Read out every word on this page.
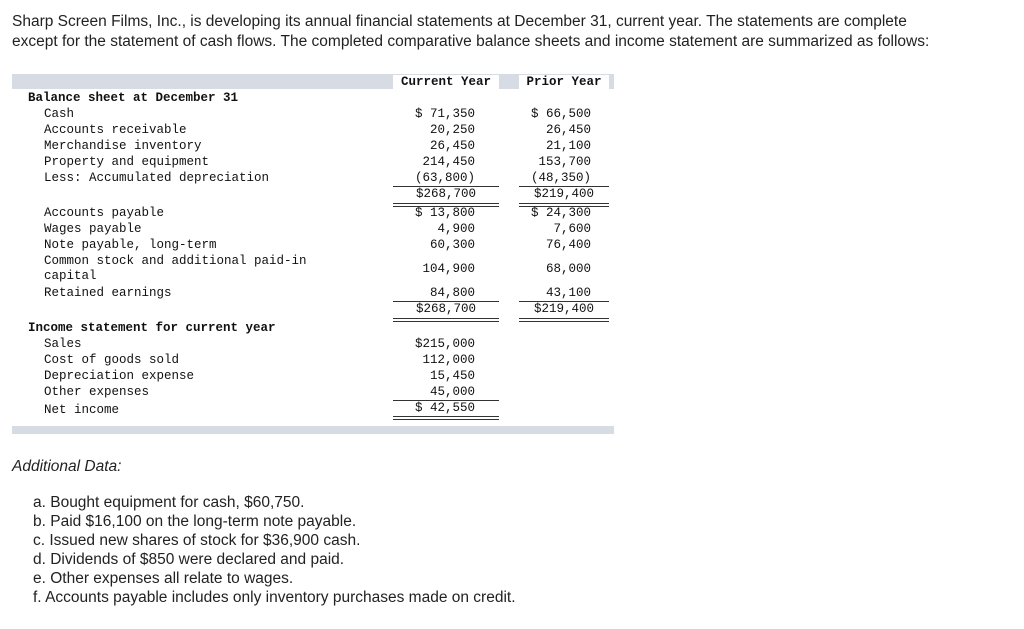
Sharp Screen Films, Inc., is developing its annual financial statements at December 31, current year. The statements are complete

except for the statement of cash flows. The completed comparative balance sheets and income statement are summarized as follows:

Current Year	Prior Year
Balance sheet at December 31
Cash	$ 71,350	$ 66,500
Accounts receivable	20,250	26,450
Merchandise inventory	26,450	21,100
Property and equipment	214,450	153,700
Less: Accumulated depreciation	(63,800)	(48,350)
$268,700	$219,400
Accounts payable	$ 13,800	$ 24,300
Wages payable	4,900	7,600
Note payable, long-term	60,300	76,400
Common stock and additional paid-in
capital	104,900	68,000
Retained earnings	84,800	43,100
$268,700	$219,400
Income statement for current year
Sales	$215,000
Cost of goods sold	112,000
Depreciation expense	15,450
Other expenses	45,000
Net income	$ 42,550
Additional Data:
a. Bought equipment for cash, $60,750.
b. Paid $16,100 on the long-term note payable.
c. Issued new shares of stock for $36,900 cash.
d. Dividends of $850 were declared and paid.
e. Other expenses all relate to wages.
f. Accounts payable includes only inventory purchases made on credit.
